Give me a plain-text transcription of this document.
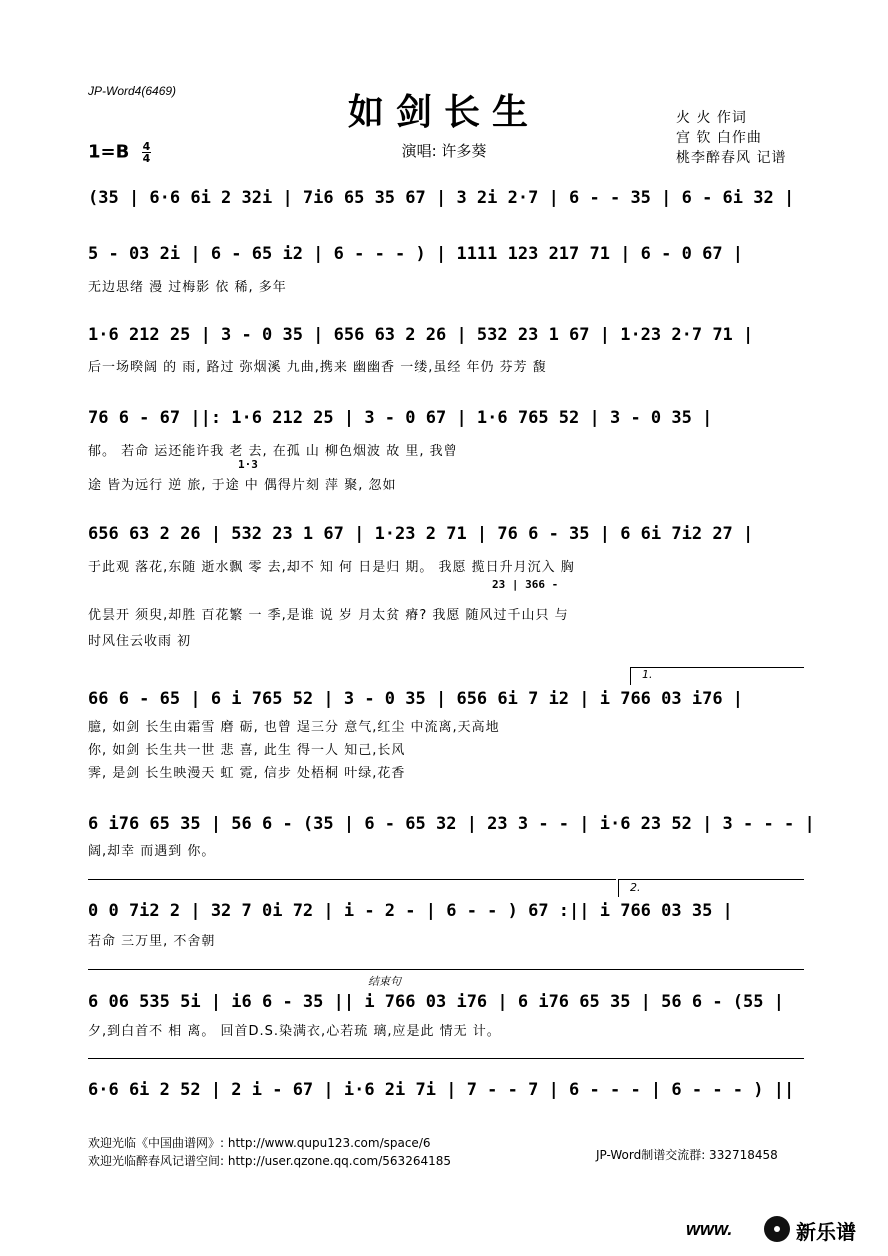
JP-Word4(6469)	如剑长生	火 火 作词
宫 钦 白作曲
桃李醉春风 记谱
$1=B \frac{4}{4}$	演唱: 许多葵
(35 | 6·6 6i 2 32i | 7i6 65 35 67 | 3 2i 2·7 | 6 - - 35 | 6 - 6i 32 |
5 - 03 2i | 6 - 65 i2 | 6 - - - ) | 1111 123 217 71 | 6 - 0 67 |
无边思绪 漫 过梅影 依 稀, 多年
1·6 212 25 | 3 - 0 35 | 656 63 2 26 | 532 23 1 67 | 1·23 2·7 71 |
后一场暌阔 的 雨, 路过 弥烟溪 九曲,携来 幽幽香 一缕,虽经 年仍 芬芳 馥
76 6 - 67 ||: 1·6 212 25 | 3 - 0 67 | 1·6 765 52 | 3 - 0 35 |
郁。 若命 运还能许我 老 去, 在孤 山 柳色烟波 故 里, 我曾
1·3
途 皆为远行 逆 旅, 于途 中 偶得片刻 萍 聚, 忽如
656 63 2 26 | 532 23 1 67 | 1·23 2 71 | 76 6 - 35 | 6 6i 7i2 27 |
于此观 落花,东随 逝水飘 零 去,却不 知 何 日是归 期。 我愿 揽日升月沉入 胸
23 | 366 -
优昙开 须臾,却胜 百花繁 一 季,是谁 说 岁 月太贫 瘠? 我愿 随风过千山只 与
时风住云收雨 初
1.
66 6 - 65 | 6 i 765 52 | 3 - 0 35 | 656 6i 7 i2 | i 766 03 i76 |
臆, 如剑 长生由霜雪 磨 砺, 也曾 逞三分 意气,红尘 中流离,天高地
你, 如剑 长生共一世 悲 喜, 此生 得一人 知己,长风
霁, 是剑 长生映漫天 虹 霓, 信步 处梧桐 叶绿,花香
6 i76 65 35 | 56 6 - (35 | 6 - 65 32 | 23 3 - - | i·6 23 52 | 3 - - - |
阔,却幸 而遇到 你。
2.
0 0 7i2 2 | 32 7 0i 72 | i - 2 - | 6 - - ) 67 :|| i 766 03 35 |
若命 三万里, 不舍朝
结束句
6 06 535 5i | i6 6 - 35 || i 766 03 i76 | 6 i76 65 35 | 56 6 - (55 |
夕,到白首不 相 离。 回首D.S.染满衣,心若琉 璃,应是此 情无 计。
6·6 6i 2 52 | 2 i - 67 | i·6 2i 7i | 7 - - 7 | 6 - - - | 6 - - - ) ||
欢迎光临《中国曲谱网》: http://www.qupu123.com/space/6
欢迎光临醉春风记谱空间: http://user.qzone.qq.com/563264185	JP-Word制谱交流群: 332718458
www.	新乐谱
